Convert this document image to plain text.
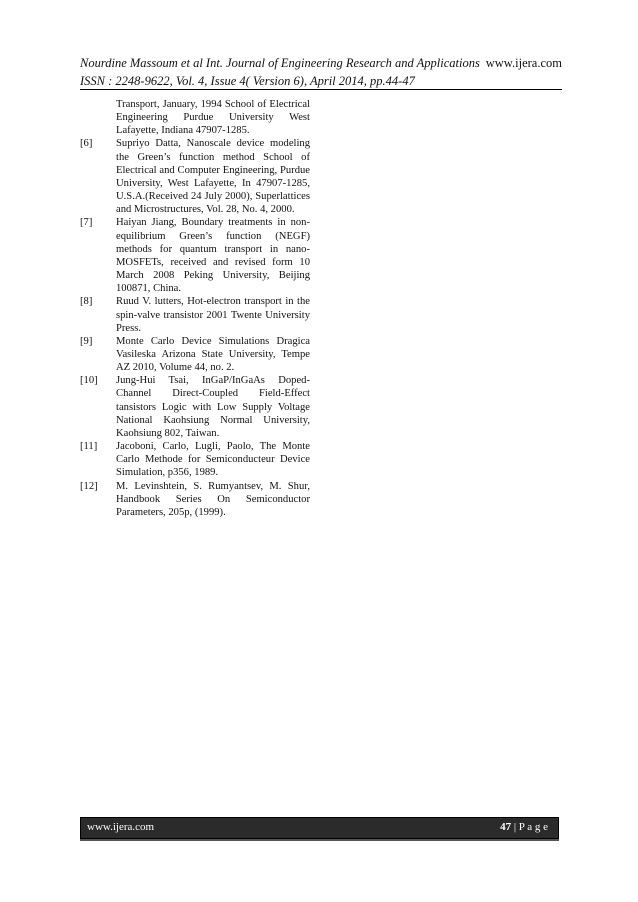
Nourdine Massoum et al Int. Journal of Engineering Research and Applications www.ijera.com
ISSN : 2248-9622, Vol. 4, Issue 4( Version 6), April 2014, pp.44-47
Transport, January, 1994 School of Electrical Engineering Purdue University West Lafayette, Indiana 47907-1285.
[6]	Supriyo Datta, Nanoscale device modeling the Green’s function method School of Electrical and Computer Engineering, Purdue University, West Lafayette, In 47907-1285, U.S.A.(Received 24 July 2000), Superlattices and Microstructures, Vol. 28, No. 4, 2000.
[7]	Haiyan Jiang, Boundary treatments in non-equilibrium Green’s function (NEGF) methods for quantum transport in nano-MOSFETs, received and revised form 10 March 2008 Peking University, Beijing 100871, China.
[8]	Ruud V. lutters, Hot-electron transport in the spin-valve transistor 2001 Twente University Press.
[9]	Monte Carlo Device Simulations Dragica Vasileska Arizona State University, Tempe AZ 2010, Volume 44, no. 2.
[10]	Jung-Hui Tsai, InGaP/InGaAs Doped-Channel Direct-Coupled Field-Effect tansistors Logic with Low Supply Voltage National Kaohsiung Normal University, Kaohsiung 802, Taiwan.
[11]	Jacoboni, Carlo, Lugli, Paolo, The Monte Carlo Methode for Semiconducteur Device Simulation, p356, 1989.
[12]	M. Levinshtein, S. Rumyantsev, M. Shur, Handbook Series On Semiconductor Parameters, 205p, (1999).
www.ijera.com	47 | P a g e
